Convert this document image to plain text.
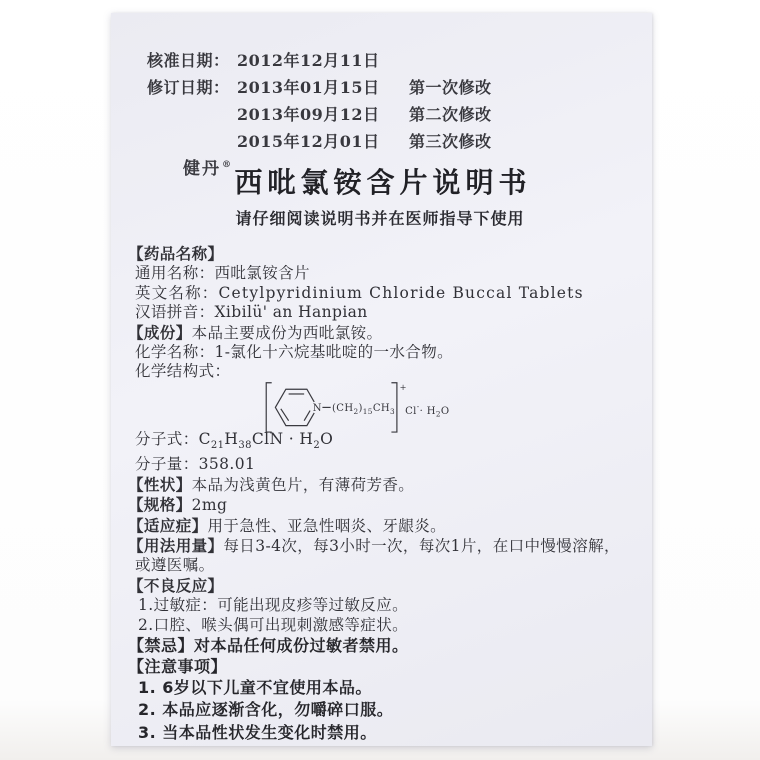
核准日期： 2012年12月11日
修订日期： 2013年01月15日 第一次修改
2013年09月12日 第二次修改
2015年12月01日 第三次修改
健丹®
西吡氯铵含片说明书
请仔细阅读说明书并在医师指导下使用
【药品名称】
通用名称：西吡氯铵含片
英文名称：Cetylpyridinium Chloride Buccal Tablets
汉语拼音：Xibilü' an Hanpian
【成份】本品主要成份为西吡氯铵。
化学名称：1-氯化十六烷基吡啶的一水合物。
化学结构式：
N $(CH_2)_{15}CH_3$
+
$Cl^-\cdot H_2O$
分子式：$C_{21}H_{38}ClN \cdot H_2O$
分子量：358.01
【性状】本品为浅黄色片，有薄荷芳香。
【规格】2mg
【适应症】用于急性、亚急性咽炎、牙龈炎。
【用法用量】每日3-4次，每3小时一次，每次1片，在口中慢慢溶解，或遵医嘱。
【不良反应】
1.过敏症：可能出现皮疹等过敏反应。
2.口腔、喉头偶可出现刺激感等症状。
【禁忌】对本品任何成份过敏者禁用。
【注意事项】
1. 6岁以下儿童不宜使用本品。
2. 本品应逐渐含化，勿嚼碎口服。
3. 当本品性状发生变化时禁用。
